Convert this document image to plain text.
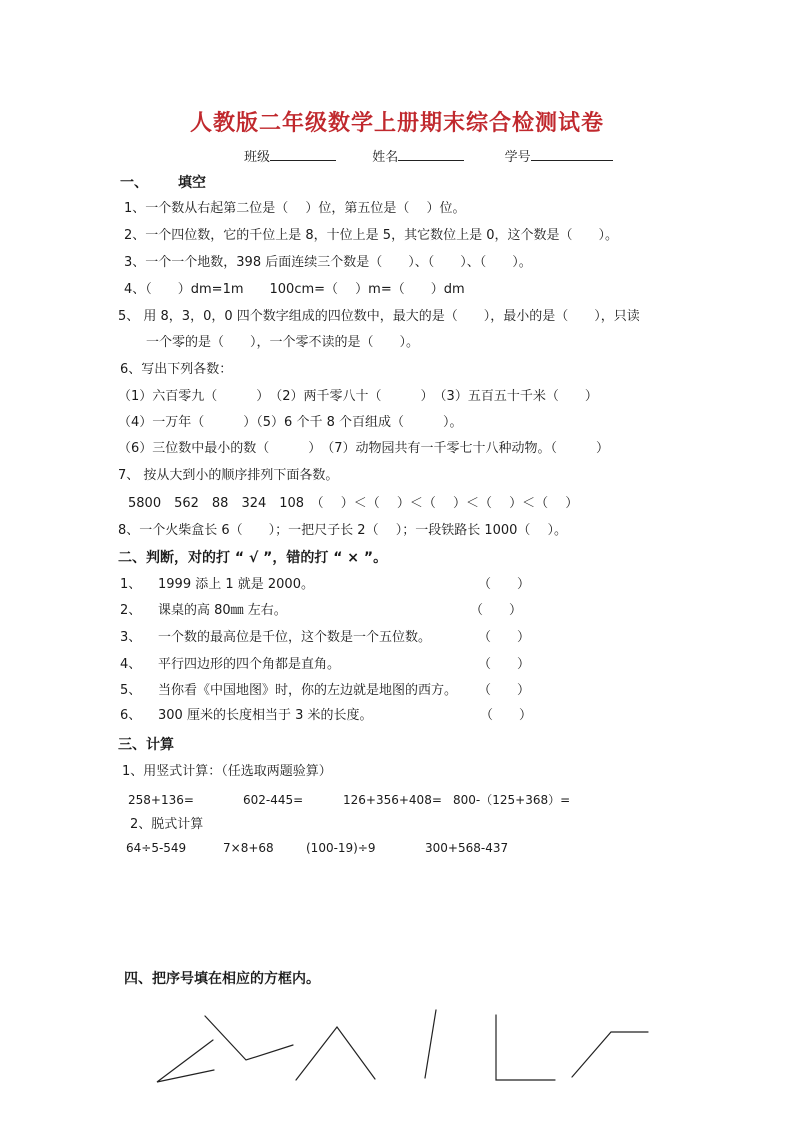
人教版二年级数学上册期末综合检测试卷
班级	姓名	学号
一、 填空
1、一个数从右起第二位是（　 ）位，第五位是（　 ）位。
2、一个四位数，它的千位上是 8，十位上是 5，其它数位上是 0，这个数是（　　）。
3、一个一个地数，398 后面连续三个数是（　　）、（　　）、（　　）。
4、（　　）dm=1m　　100cm=（　 ）m=（　　）dm
5、 用 8，3，0，0 四个数字组成的四位数中，最大的是（　　），最小的是（　　），只读
一个零的是（　　），一个零不读的是（　　）。
6、写出下列各数：
（1）六百零九（　　　）　（2）两千零八十（　　　）　（3）五百五十千米（　　）
（4）一万年（　　　）（5）6 个千 8 个百组成（　　　）。
（6）三位数中最小的数（　　　）　（7）动物园共有一千零七十八种动物。（　　　）
7、 按从大到小的顺序排列下面各数。
5800　562　88　324　108　（　 ）＜（　 ）＜（　 ）＜（　 ）＜（　 ）
8、一个火柴盒长 6（　　）；一把尺子长 2（　 ）；一段铁路长 1000（　 ）。
二、判断，对的打 “ √ ”，错的打 “ × ”。
1、 1999 添上 1 就是 2000。	（　　）
2、 课桌的高 80㎜ 左右。	（　　）
3、 一个数的最高位是千位，这个数是一个五位数。	（　　）
4、 平行四边形的四个角都是直角。	（　　）
5、 当你看《中国地图》时，你的左边就是地图的西方。 （　　）
6、 300 厘米的长度相当于 3 米的长度。	（　　）
三、计算
1、用竖式计算：（任选取两题验算）
258+136=	602-445=	126+356+408= 800-（125+368）=
2、脱式计算
64÷5-549	7×8+68	(100-19)÷9	300+568-437
四、把序号填在相应的方框内。
